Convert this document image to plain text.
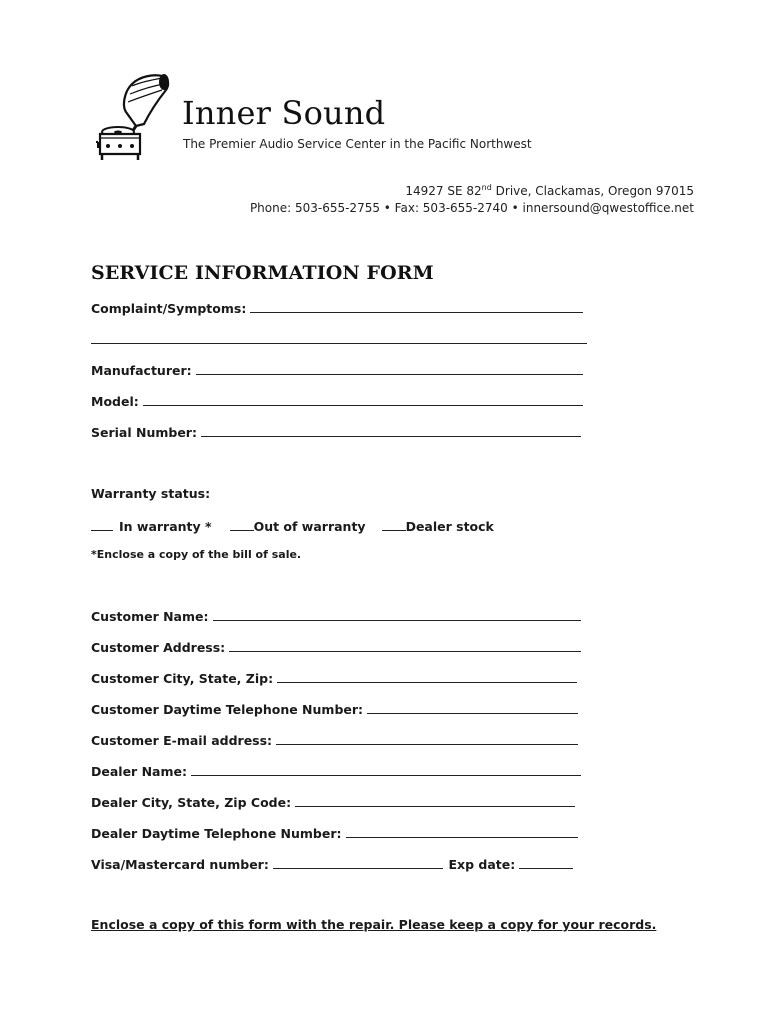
Inner Sound
The Premier Audio Service Center in the Pacific Northwest
14927 SE 82nd Drive, Clackamas, Oregon 97015
Phone: 503-655-2755 • Fax: 503-655-2740 • innersound@qwestoffice.net
SERVICE INFORMATION FORM
Complaint/Symptoms:
Manufacturer:
Model:
Serial Number:
Warranty status:
In warranty *	Out of warranty	Dealer stock
*Enclose a copy of the bill of sale.
Customer Name:
Customer Address:
Customer City, State, Zip:
Customer Daytime Telephone Number:
Customer E-mail address:
Dealer Name:
Dealer City, State, Zip Code:
Dealer Daytime Telephone Number:
Visa/Mastercard number:	Exp date:
Enclose a copy of this form with the repair. Please keep a copy for your records.
